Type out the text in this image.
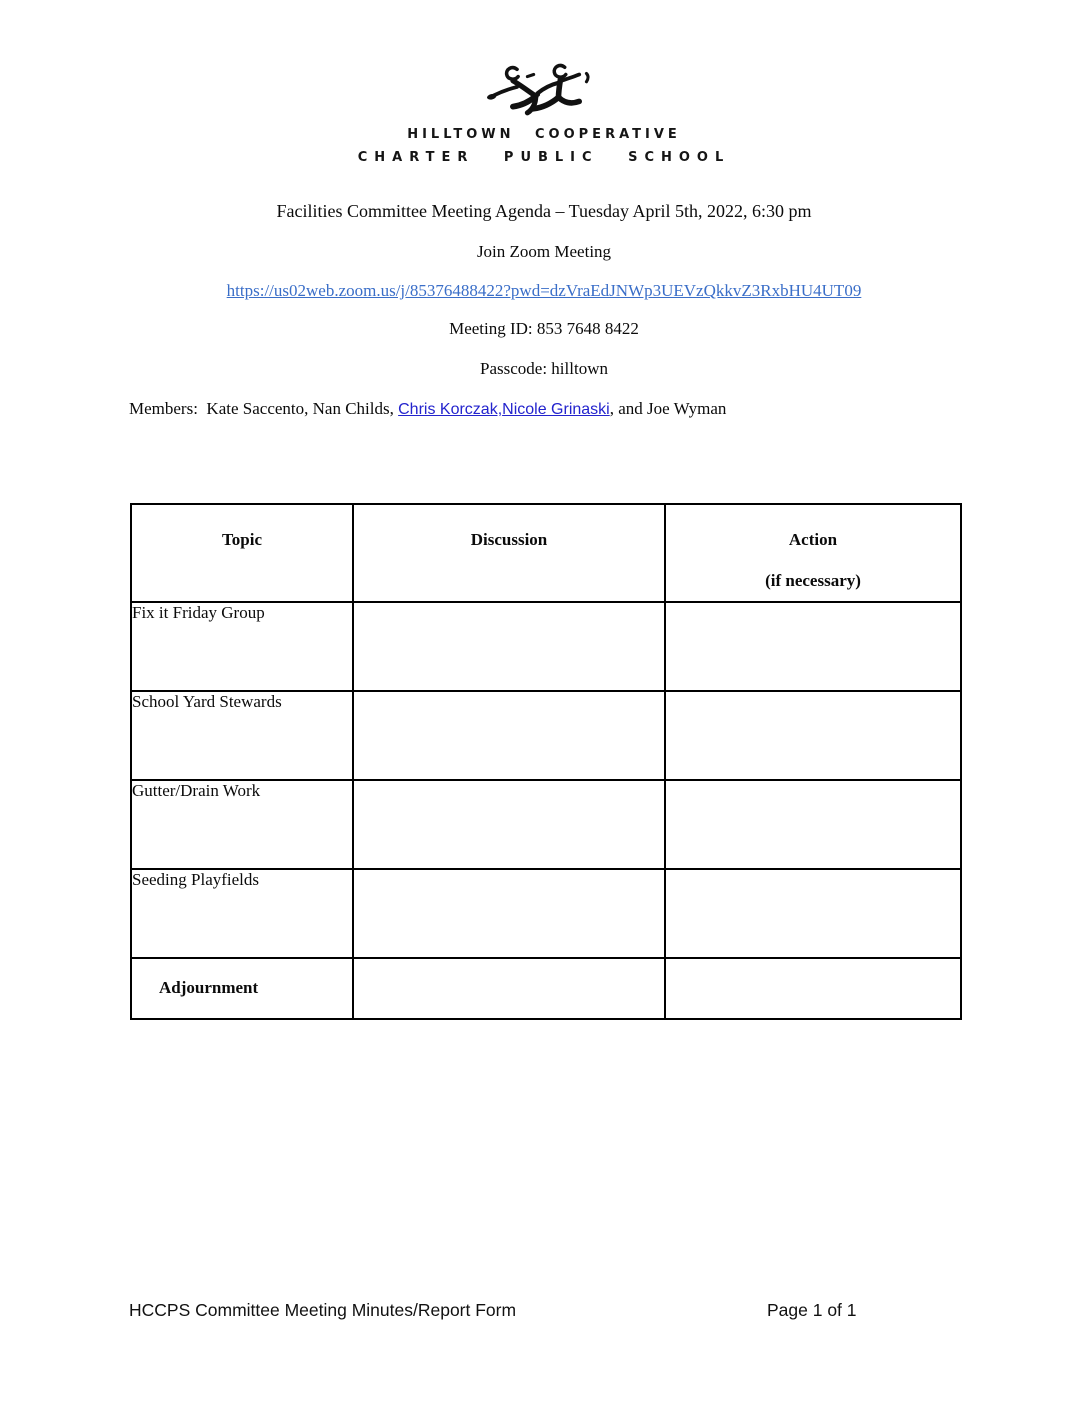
HILLTOWN COOPERATIVE
CHARTER PUBLIC SCHOOL
Facilities Committee Meeting Agenda – Tuesday April 5th, 2022, 6:30 pm
Join Zoom Meeting
https://us02web.zoom.us/j/85376488422?pwd=dzVraEdJNWp3UEVzQkkvZ3RxbHU4UT09
Meeting ID: 853 7648 8422
Passcode: hilltown
Members:  Kate Saccento, Nan Childs, Chris Korczak,Nicole Grinaski, and Joe Wyman
Topic	Discussion	Action
(if necessary)

Fix it Friday Group		
School Yard Stewards		
Gutter/Drain Work		
Seeding Playfields		
Adjournment		
HCCPS Committee Meeting Minutes/Report Form	Page 1 of 1
